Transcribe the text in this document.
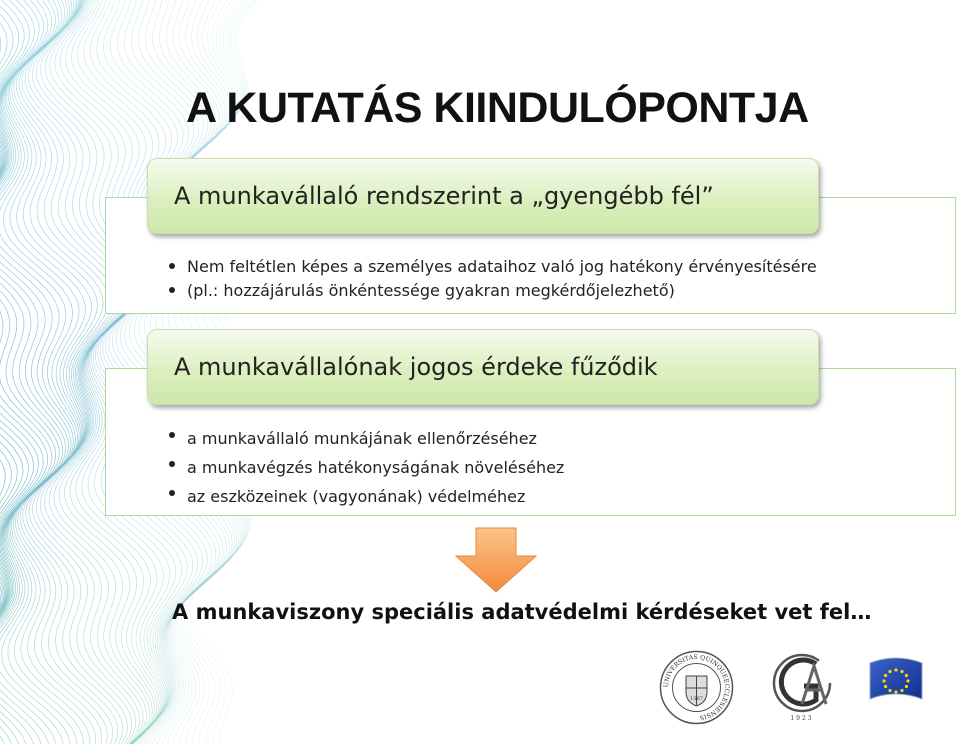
A KUTATÁS KIINDULÓPONTJA
A munkavállaló rendszerint a „gyengébb fél”
Nem feltétlen képes a személyes adataihoz való jog hatékony érvényesítésére
(pl.: hozzájárulás önkéntessége gyakran megkérdőjelezhető)
A munkavállalónak jogos érdeke fűződik
a munkavállaló munkájának ellenőrzéséhez
a munkavégzés hatékonyságának növeléséhez
az eszközeinek (vagyonának) védelméhez

A munkaviszony speciális adatvédelmi kérdéseket vet fel…

UNIVERSITAS QUINQUEECCLESIENSIS
1367
1923
